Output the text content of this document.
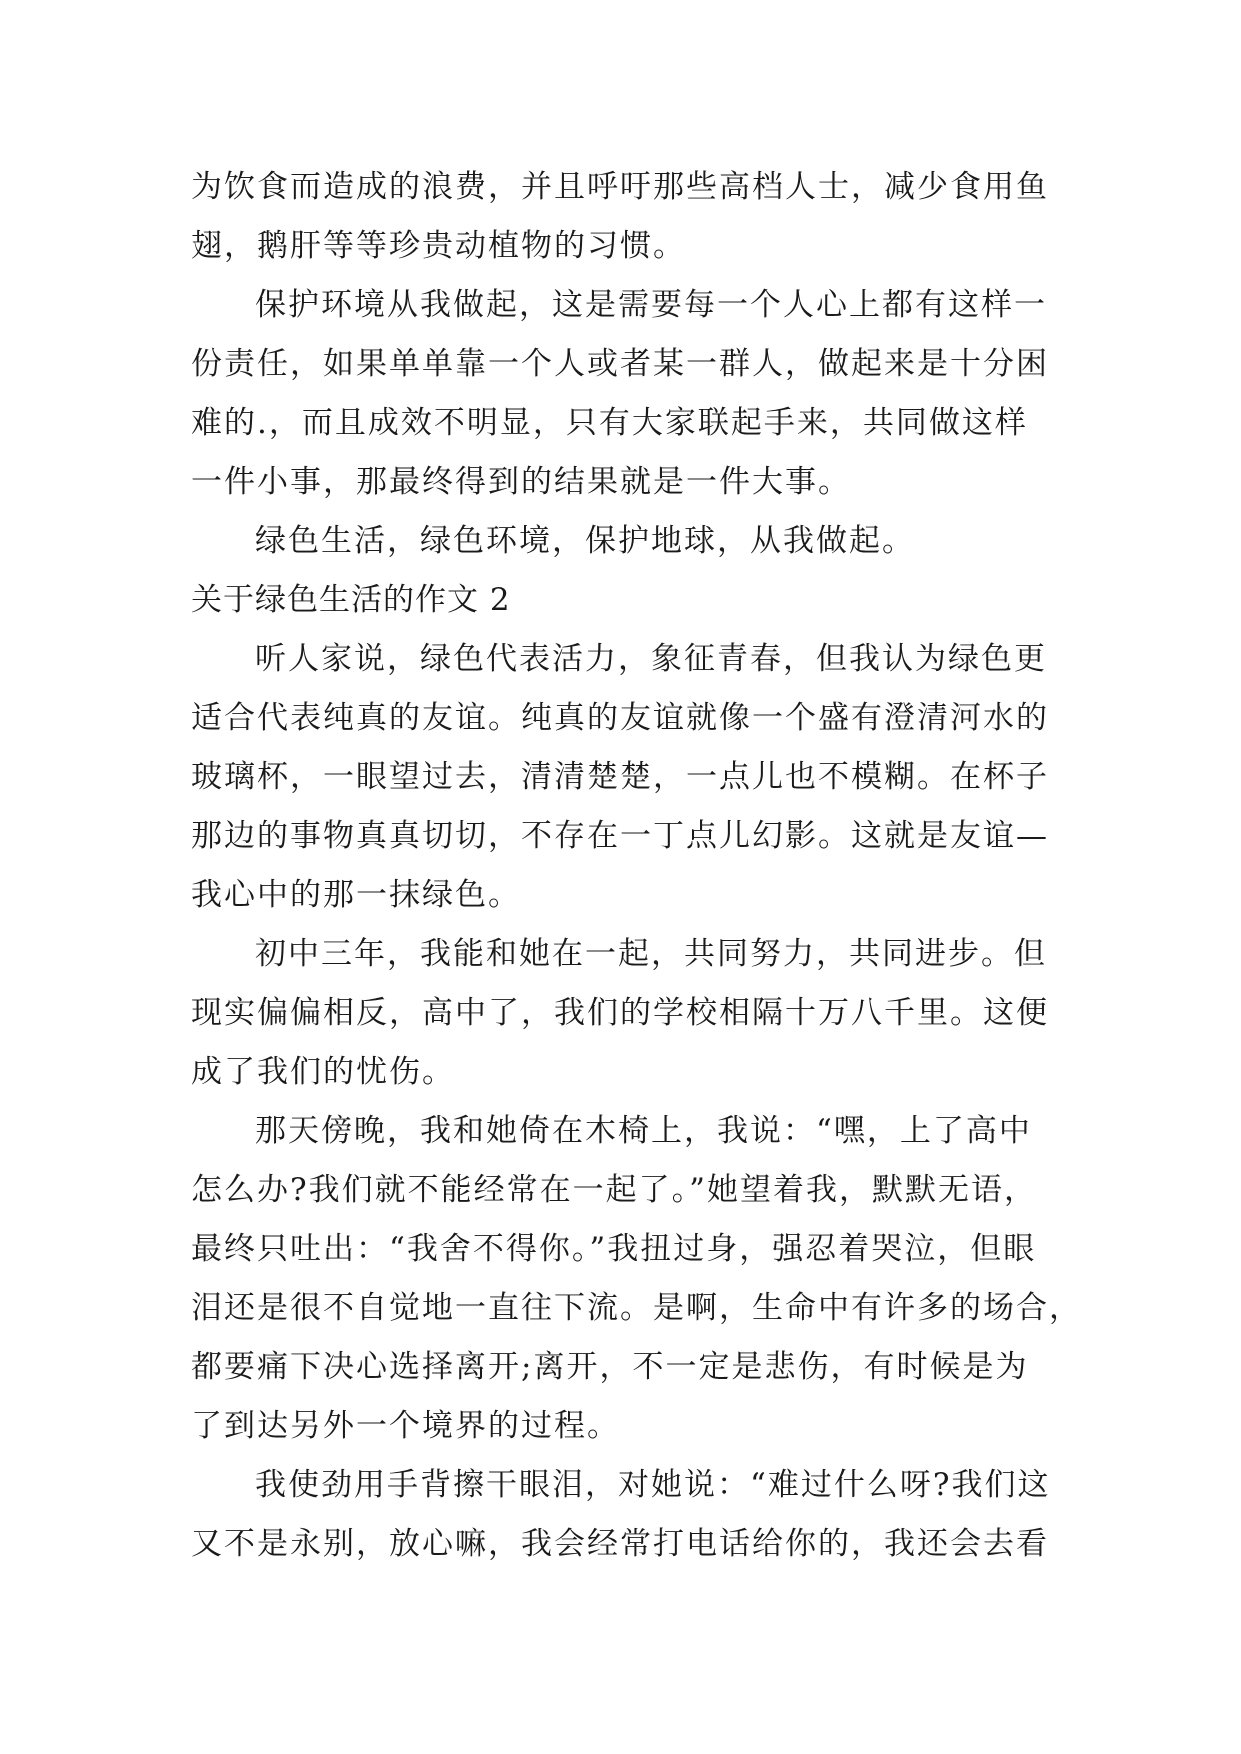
为饮食而造成的浪费，并且呼吁那些高档人士，减少食用鱼
翅，鹅肝等等珍贵动植物的习惯。
保护环境从我做起，这是需要每一个人心上都有这样一
份责任，如果单单靠一个人或者某一群人，做起来是十分困
难的.，而且成效不明显，只有大家联起手来，共同做这样
一件小事，那最终得到的结果就是一件大事。
绿色生活，绿色环境，保护地球，从我做起。
关于绿色生活的作文 2
听人家说，绿色代表活力，象征青春，但我认为绿色更
适合代表纯真的友谊。纯真的友谊就像一个盛有澄清河水的
玻璃杯，一眼望过去，清清楚楚，一点儿也不模糊。在杯子
那边的事物真真切切，不存在一丁点儿幻影。这就是友谊—
我心中的那一抹绿色。
初中三年，我能和她在一起，共同努力，共同进步。但
现实偏偏相反，高中了，我们的学校相隔十万八千里。这便
成了我们的忧伤。
那天傍晚，我和她倚在木椅上，我说：“嘿，上了高中
怎么办?我们就不能经常在一起了。”她望着我，默默无语，
最终只吐出：“我舍不得你。”我扭过身，强忍着哭泣，但眼
泪还是很不自觉地一直往下流。是啊，生命中有许多的场合，
都要痛下决心选择离开;离开，不一定是悲伤，有时候是为
了到达另外一个境界的过程。
我使劲用手背擦干眼泪，对她说：“难过什么呀?我们这
又不是永别，放心嘛，我会经常打电话给你的，我还会去看
